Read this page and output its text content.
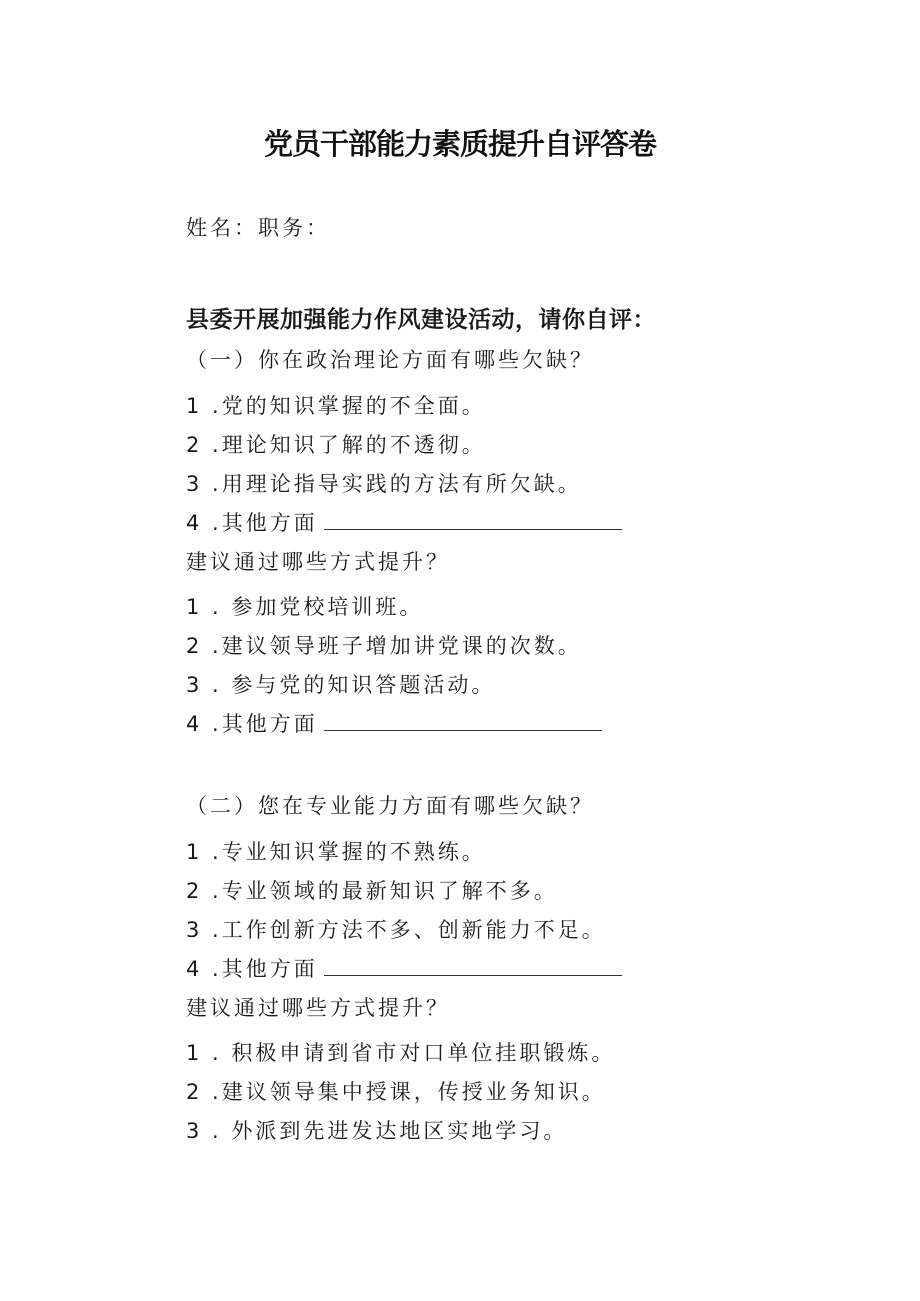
党员干部能力素质提升自评答卷
姓名：职务：
县委开展加强能力作风建设活动，请你自评：
（一）你在政治理论方面有哪些欠缺？
1 .党的知识掌握的不全面。
2 .理论知识了解的不透彻。
3 .用理论指导实践的方法有所欠缺。
4 .其他方面
建议通过哪些方式提升？
1 . 参加党校培训班。
2 .建议领导班子增加讲党课的次数。
3 . 参与党的知识答题活动。
4 .其他方面
（二）您在专业能力方面有哪些欠缺？
1 .专业知识掌握的不熟练。
2 .专业领域的最新知识了解不多。
3 .工作创新方法不多、创新能力不足。
4 .其他方面
建议通过哪些方式提升？
1 . 积极申请到省市对口单位挂职锻炼。
2 .建议领导集中授课，传授业务知识。
3 . 外派到先进发达地区实地学习。
